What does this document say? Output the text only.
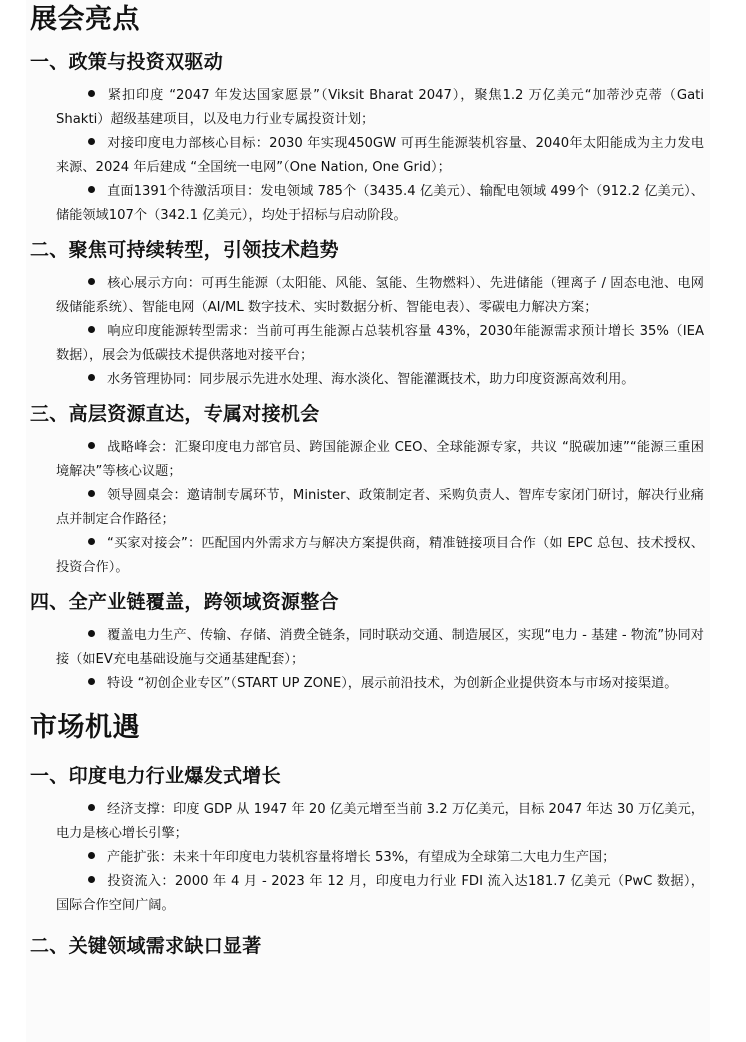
展会亮点
一、政策与投资双驱动
紧扣印度 “2047 年发达国家愿景”（Viksit Bharat 2047），聚焦1.2 万亿美元“加蒂沙克蒂（Gati Shakti）超级基建项目，以及电力行业专属投资计划；
对接印度电力部核心目标：2030 年实现450GW 可再生能源装机容量、2040年太阳能成为主力发电来源、2024 年后建成 “全国统一电网”（One Nation, One Grid）；
直面1391个待激活项目：发电领域 785个（3435.4 亿美元）、输配电领域 499个（912.2 亿美元）、储能领域107个（342.1 亿美元），均处于招标与启动阶段。
二、聚焦可持续转型，引领技术趋势
核心展示方向：可再生能源（太阳能、风能、氢能、生物燃料）、先进储能（锂离子 / 固态电池、电网级储能系统）、智能电网（AI/ML 数字技术、实时数据分析、智能电表）、零碳电力解决方案；
响应印度能源转型需求：当前可再生能源占总装机容量 43%，2030年能源需求预计增长 35%（IEA 数据），展会为低碳技术提供落地对接平台；
水务管理协同：同步展示先进水处理、海水淡化、智能灌溉技术，助力印度资源高效利用。
三、高层资源直达，专属对接机会
战略峰会：汇聚印度电力部官员、跨国能源企业 CEO、全球能源专家，共议 “脱碳加速”“能源三重困境解决”等核心议题；
领导圆桌会：邀请制专属环节，Minister、政策制定者、采购负责人、智库专家闭门研讨，解决行业痛点并制定合作路径；
“买家对接会”：匹配国内外需求方与解决方案提供商，精准链接项目合作（如 EPC 总包、技术授权、投资合作）。
四、全产业链覆盖，跨领域资源整合
覆盖电力生产、传输、存储、消费全链条，同时联动交通、制造展区，实现“电力 - 基建 - 物流”协同对接（如EV充电基础设施与交通基建配套）；
特设 “初创企业专区”（START UP ZONE），展示前沿技术，为创新企业提供资本与市场对接渠道。
市场机遇
一、印度电力行业爆发式增长
经济支撑：印度 GDP 从 1947 年 20 亿美元增至当前 3.2 万亿美元，目标 2047 年达 30 万亿美元，电力是核心增长引擎；
产能扩张：未来十年印度电力装机容量将增长 53%，有望成为全球第二大电力生产国；
投资流入：2000 年 4 月 - 2023 年 12 月，印度电力行业 FDI 流入达181.7 亿美元（PwC 数据），国际合作空间广阔。
二、关键领域需求缺口显著
